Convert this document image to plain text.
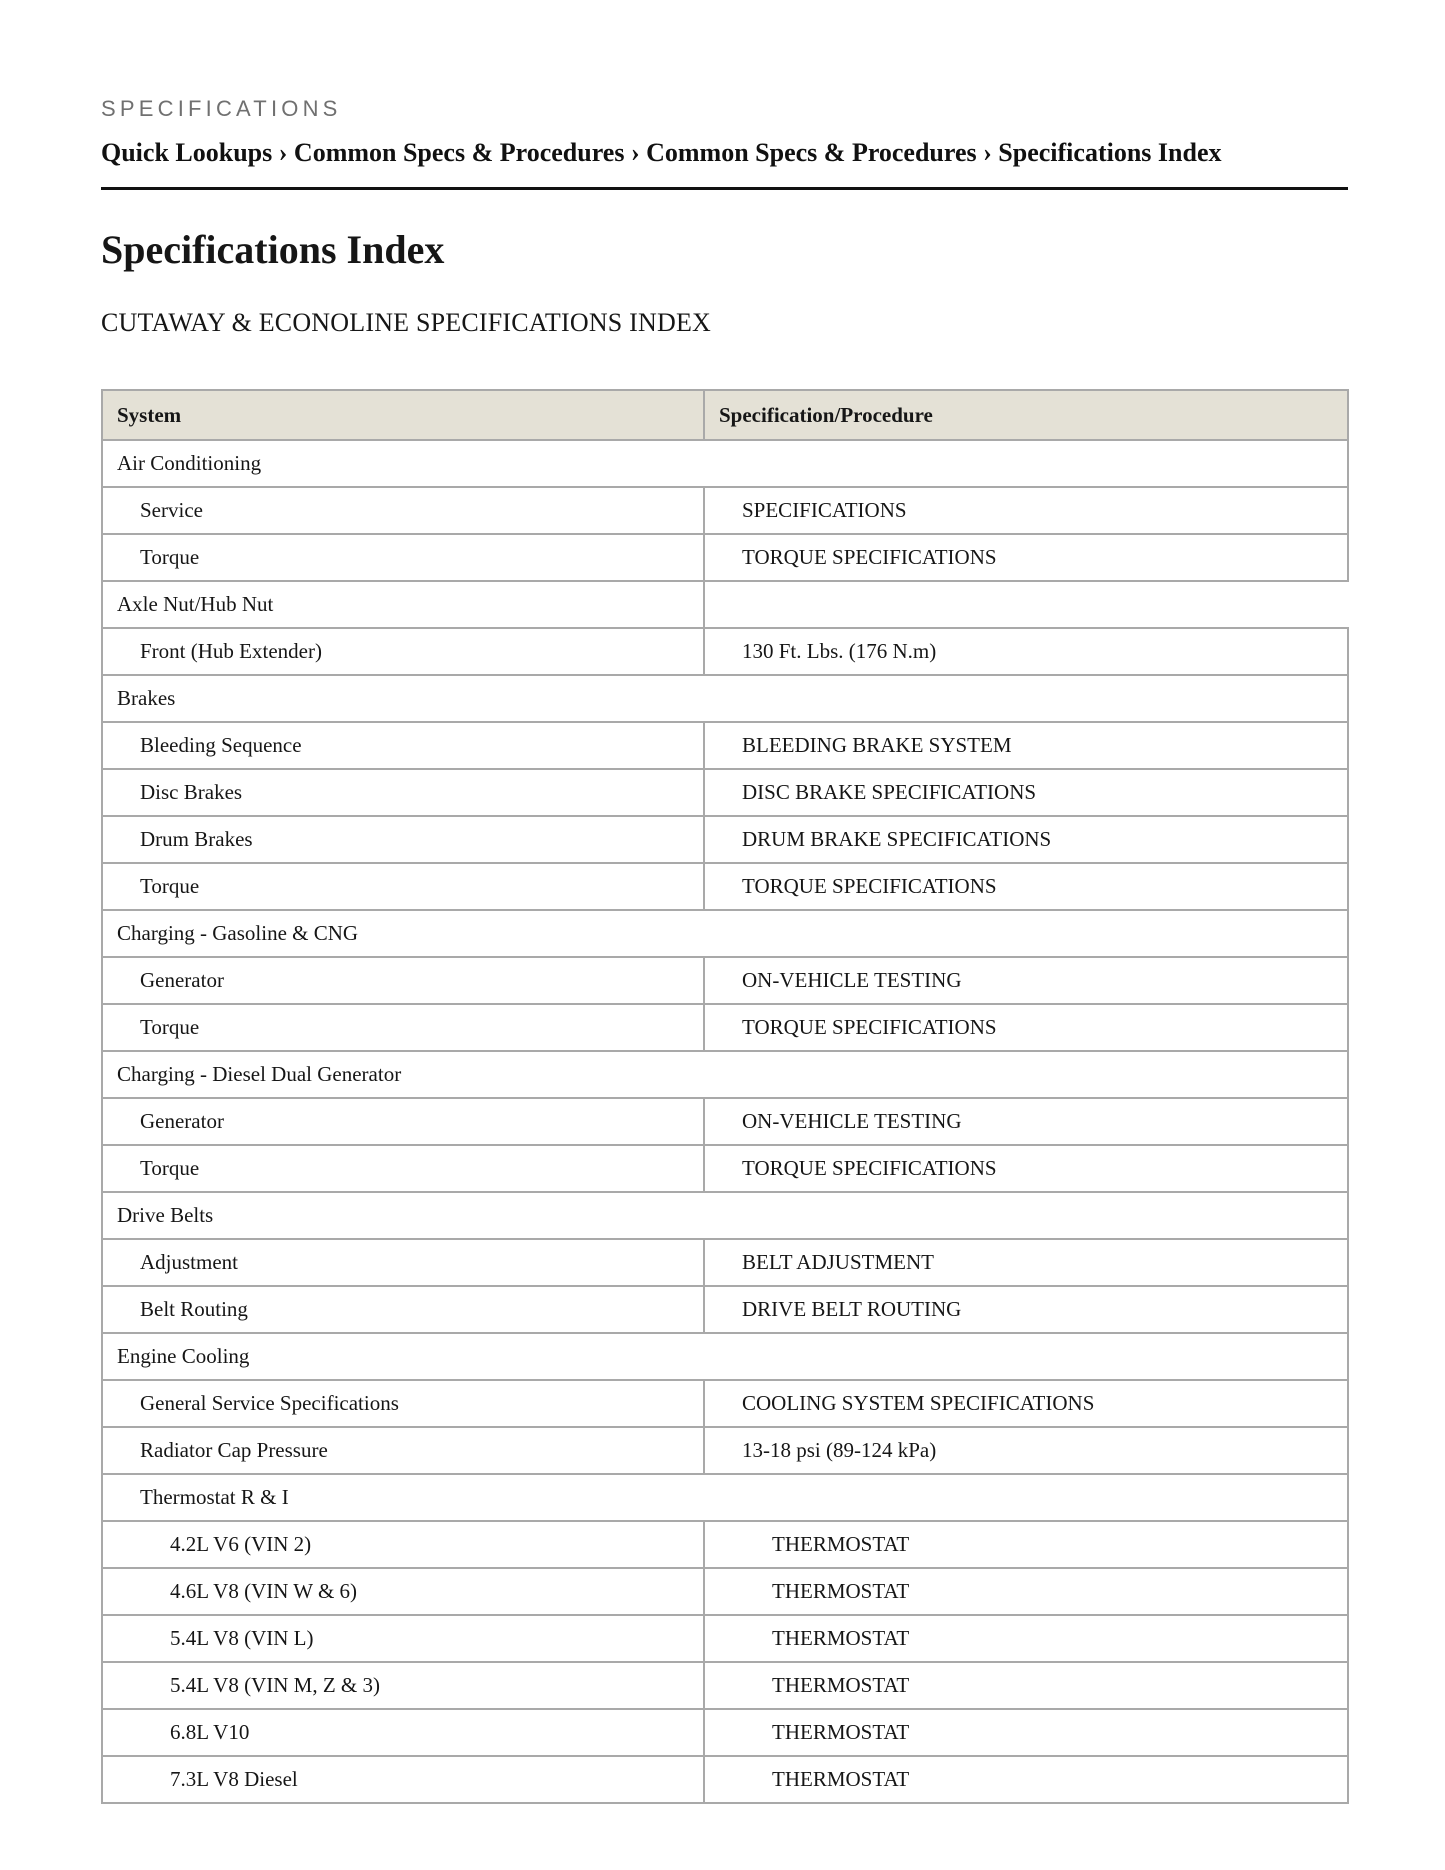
SPECIFICATIONS
Quick Lookups › Common Specs & Procedures › Common Specs & Procedures › Specifications Index
Specifications Index
CUTAWAY & ECONOLINE SPECIFICATIONS INDEX
System	Specification/Procedure
Air Conditioning	
Service	SPECIFICATIONS
Torque	TORQUE SPECIFICATIONS
Axle Nut/Hub Nut	
Front (Hub Extender)	130 Ft. Lbs. (176 N.m)
Brakes	
Bleeding Sequence	BLEEDING BRAKE SYSTEM
Disc Brakes	DISC BRAKE SPECIFICATIONS
Drum Brakes	DRUM BRAKE SPECIFICATIONS
Torque	TORQUE SPECIFICATIONS
Charging - Gasoline & CNG	
Generator	ON-VEHICLE TESTING
Torque	TORQUE SPECIFICATIONS
Charging - Diesel Dual Generator	
Generator	ON-VEHICLE TESTING
Torque	TORQUE SPECIFICATIONS
Drive Belts	
Adjustment	BELT ADJUSTMENT
Belt Routing	DRIVE BELT ROUTING
Engine Cooling	
General Service Specifications	COOLING SYSTEM SPECIFICATIONS
Radiator Cap Pressure	13-18 psi (89-124 kPa)
Thermostat R & I	
4.2L V6 (VIN 2)	THERMOSTAT
4.6L V8 (VIN W & 6)	THERMOSTAT
5.4L V8 (VIN L)	THERMOSTAT
5.4L V8 (VIN M, Z & 3)	THERMOSTAT
6.8L V10	THERMOSTAT
7.3L V8 Diesel	THERMOSTAT
